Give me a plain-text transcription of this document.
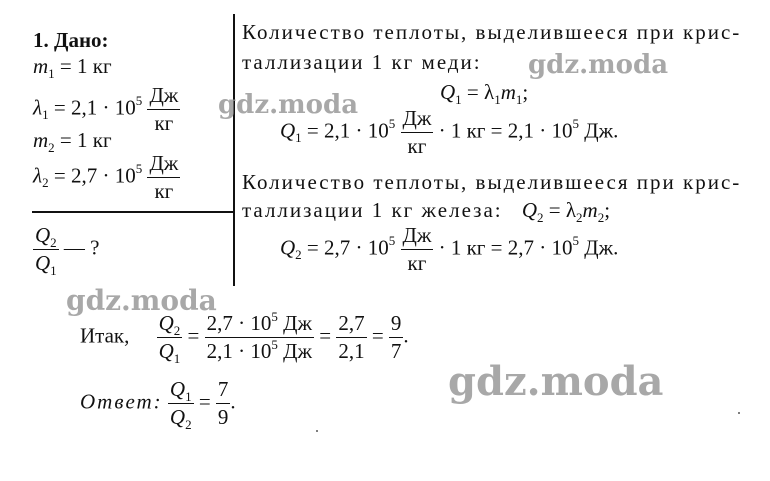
1. Дано:
$m_1 = 1$ кг
$\lambda_1 = 2,1 \cdot 10^5 \frac{Дж}{кг}$
$m_2 = 1$ кг
$\lambda_2 = 2,7 \cdot 10^5 \frac{Дж}{кг}$
$\frac{Q_2}{Q_1}$ — ?
Количество теплоты, выделившееся при крис-
таллизации 1 кг меди:
$Q_1 = \lambda_1m_1$;
$Q_1 = 2,1 \cdot 10^5 \frac{Дж}{кг} \cdot 1$ кг = $2,1 \cdot 10^5$ Дж.
Количество теплоты, выделившееся при крис-
таллизации 1 кг железа: $Q_2 = \lambda_2m_2$;
$Q_2 = 2,7 \cdot 10^5 \frac{Дж}{кг} \cdot 1$ кг = $2,7 \cdot 10^5$ Дж.
Итак, $\frac{Q_2}{Q_1} = \frac{2,7 \cdot 10^5 Дж}{2,1 \cdot 10^5 Дж} = \frac{2,7}{2,1} = \frac{9}{7}$ .
Ответ: $\frac{Q_1}{Q_2} = \frac{7}{9}$ .
gdz.moda
gdz.moda
gdz.moda
gdz.moda
